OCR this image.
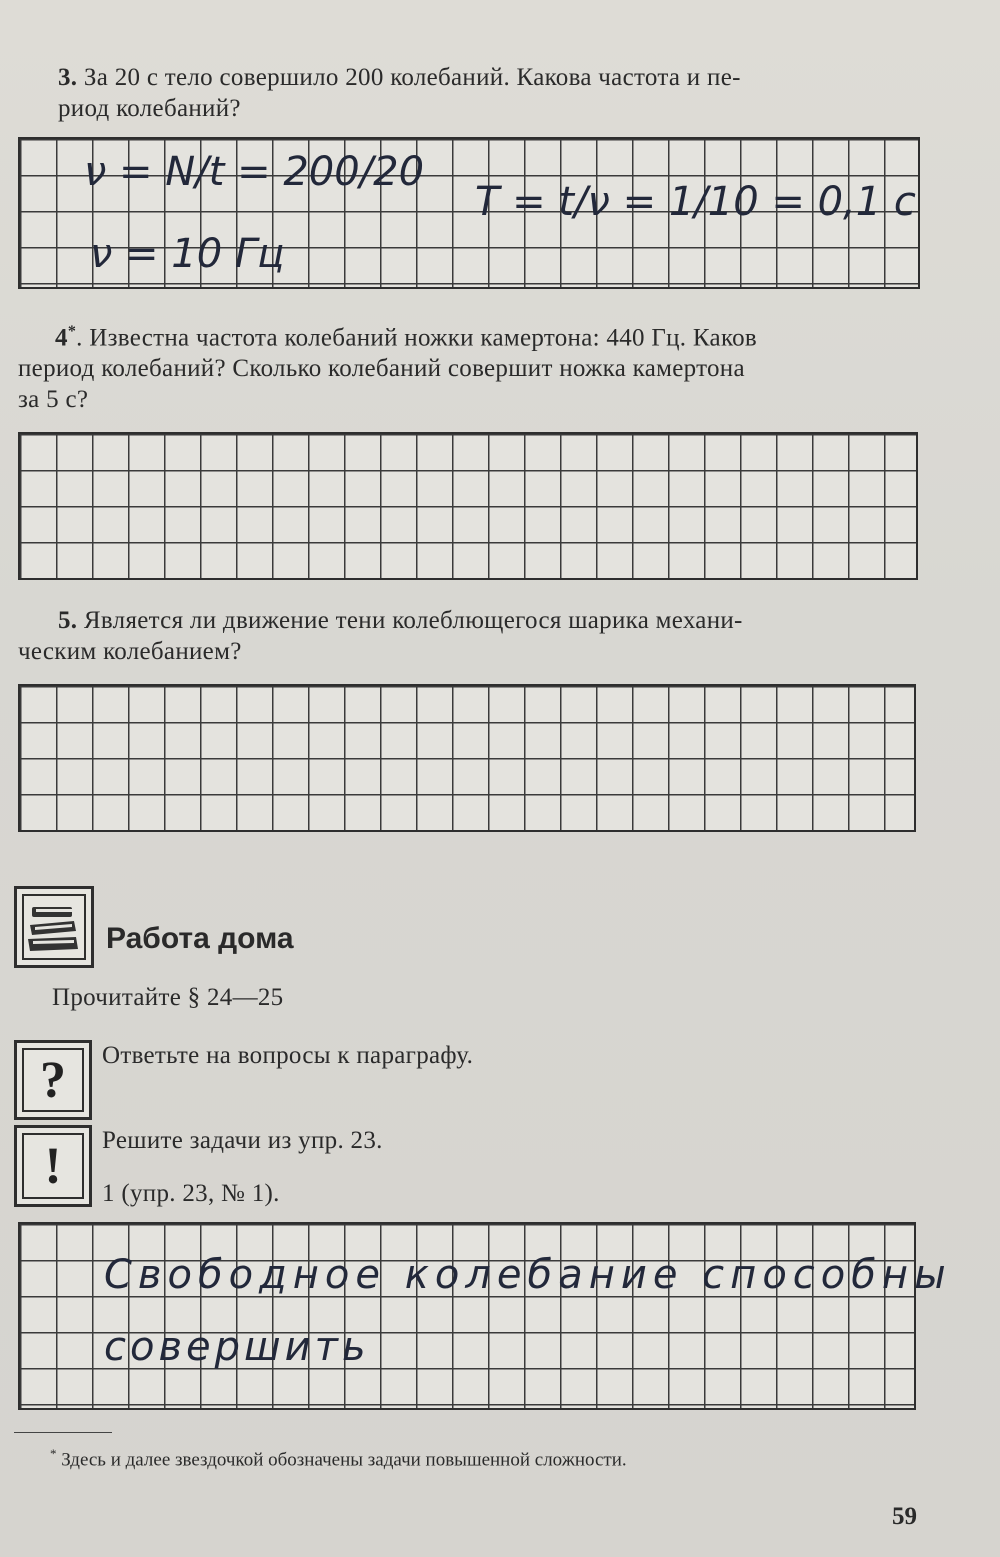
3. За 20 с тело совершило 200 колебаний. Какова частота и пе-
риод колебаний?
ν = N/t = 200/20
ν = 10 Гц
T = t/ν = 1/10 = 0,1 c
4*. Известна частота колебаний ножки камертона: 440 Гц. Каков
период колебаний? Сколько колебаний совершит ножка камертона
за 5 с?
5. Является ли движение тени колеблющегося шарика механи-
ческим колебанием?
Работа дома
Прочитайте § 24—25
?	Ответьте на вопросы к параграфу.
!	Решите задачи из упр. 23.
1 (упр. 23, № 1).
Свободное колебание способны
совершить
* Здесь и далее звездочкой обозначены задачи повышенной сложности.
59
